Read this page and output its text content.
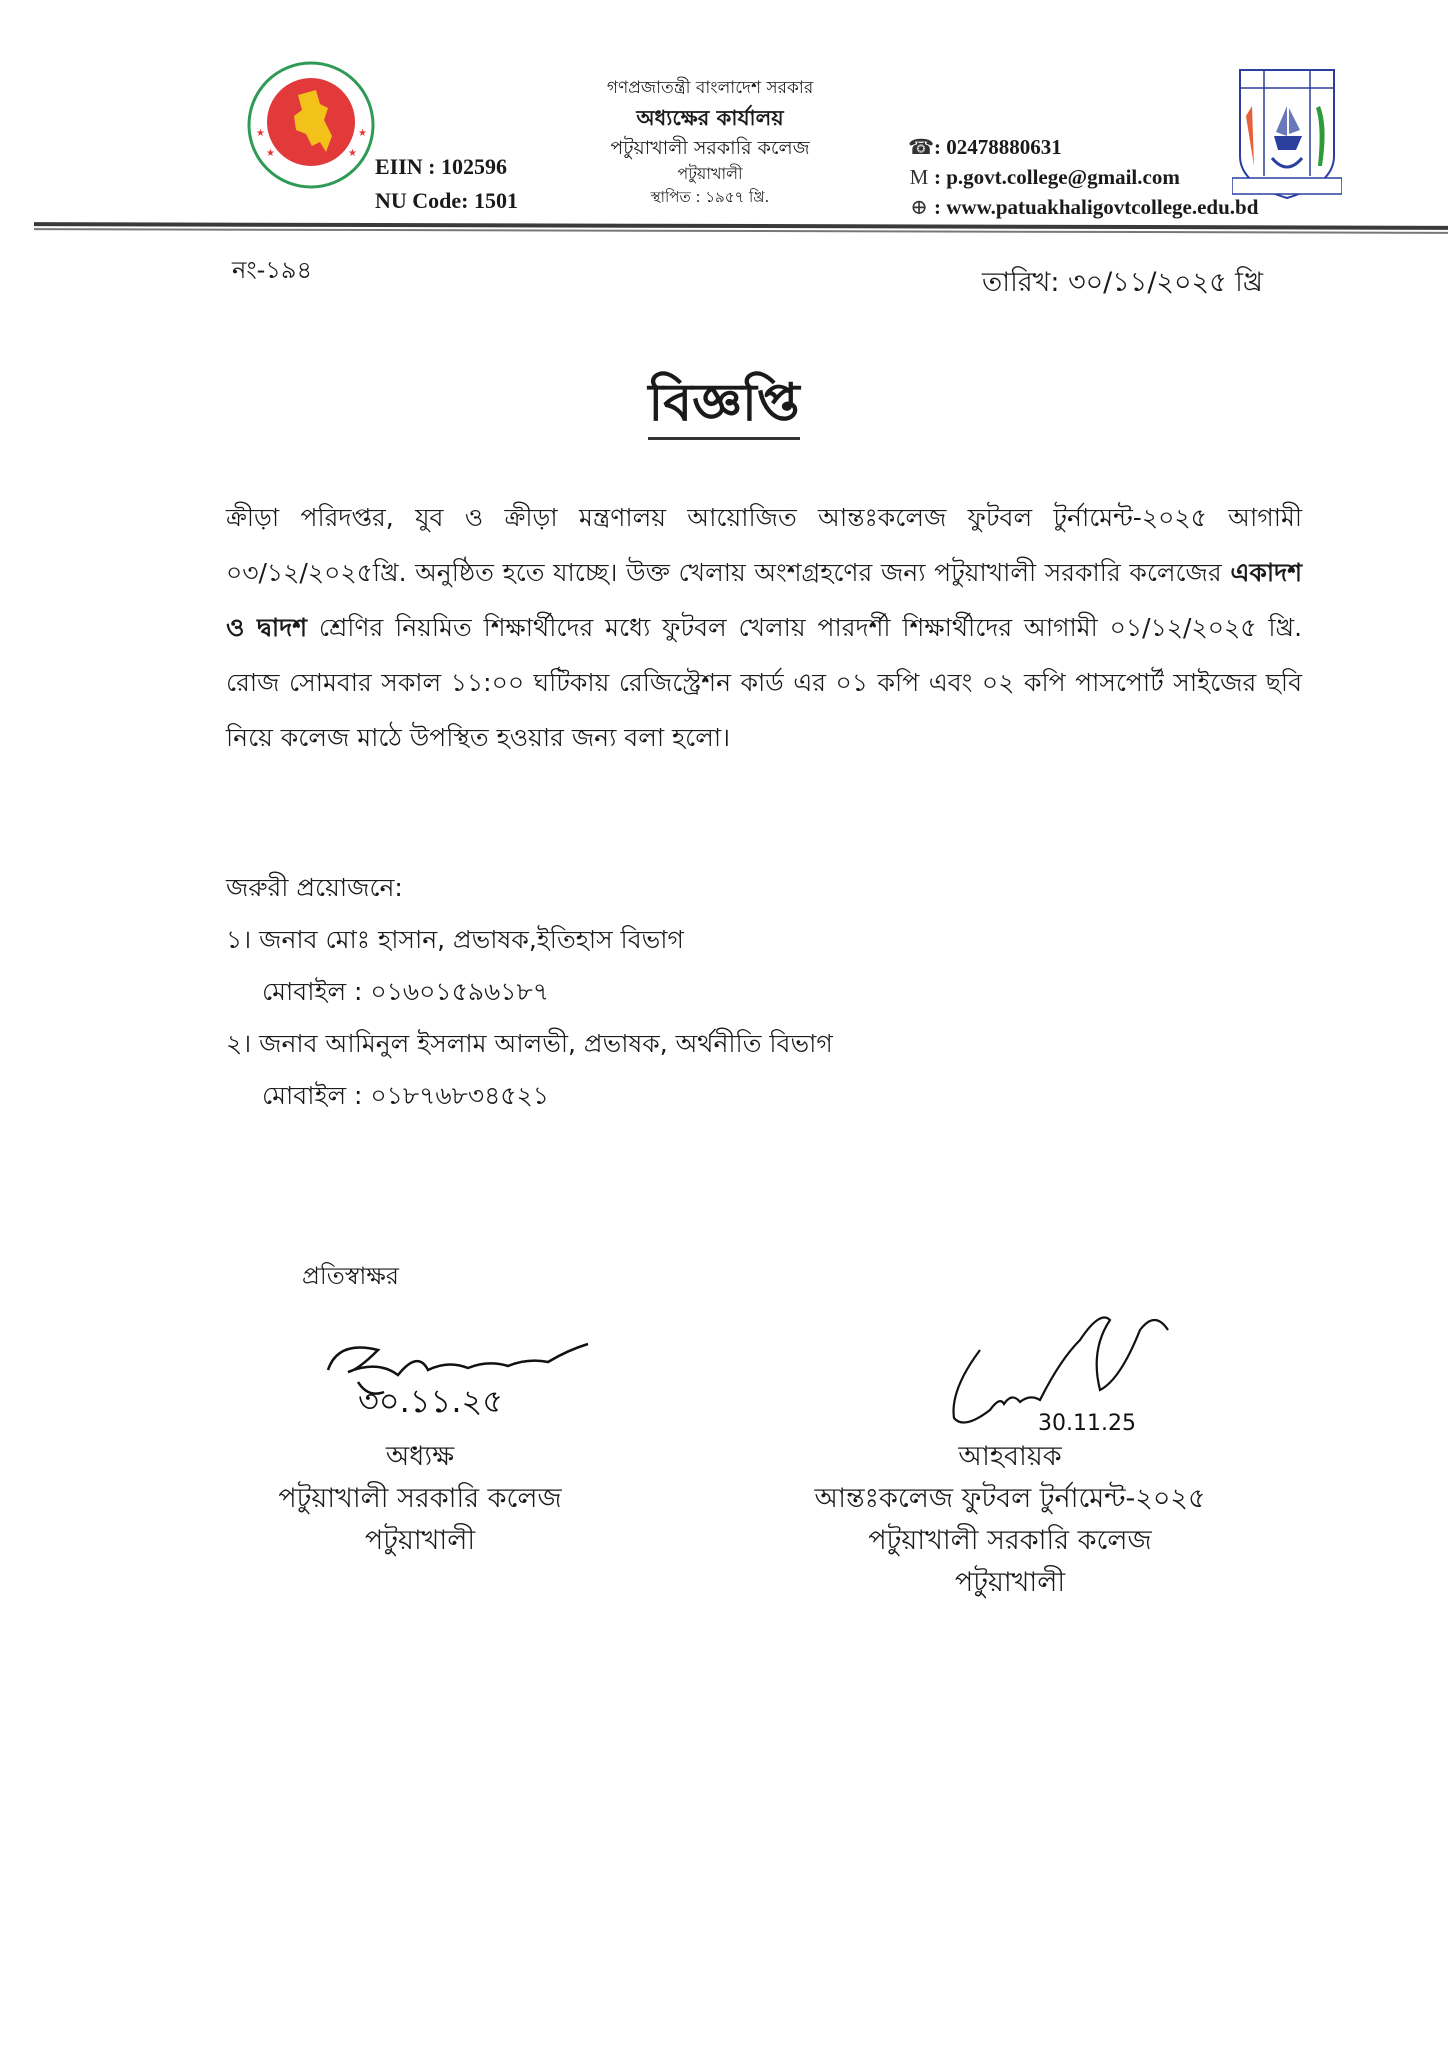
★	★
★	★
EIIN : 102596
NU Code: 1501
গণপ্রজাতন্ত্রী বাংলাদেশ সরকার
অধ্যক্ষের কার্যালয়
পটুয়াখালী সরকারি কলেজ
পটুয়াখালী
স্থাপিত : ১৯৫৭ খ্রি.
☎ : 02478880631
M : p.govt.college@gmail.com
⊕ : www.patuakhaligovtcollege.edu.bd
নং-১৯৪	তারিখ: ৩০/১১/২০২৫ খ্রি
বিজ্ঞপ্তি
ক্রীড়া পরিদপ্তর, যুব ও ক্রীড়া মন্ত্রণালয় আয়োজিত আন্তঃকলেজ ফুটবল টুর্নামেন্ট-২০২৫ আগামী ০৩/১২/২০২৫খ্রি. অনুষ্ঠিত হতে যাচ্ছে। উক্ত খেলায় অংশগ্রহণের জন্য পটুয়াখালী সরকারি কলেজের একাদশ ও দ্বাদশ শ্রেণির নিয়মিত শিক্ষার্থীদের মধ্যে ফুটবল খেলায় পারদর্শী শিক্ষার্থীদের আগামী ০১/১২/২০২৫ খ্রি. রোজ সোমবার সকাল ১১:০০ ঘটিকায় রেজিস্ট্রেশন কার্ড এর ০১ কপি এবং ০২ কপি পাসপোর্ট সাইজের ছবি নিয়ে কলেজ মাঠে উপস্থিত হওয়ার জন্য বলা হলো।
জরুরী প্রয়োজনে:
১। জনাব মোঃ হাসান, প্রভাষক,ইতিহাস বিভাগ
মোবাইল : ০১৬০১৫৯৬১৮৭
২। জনাব আমিনুল ইসলাম আলভী, প্রভাষক, অর্থনীতি বিভাগ
মোবাইল : ০১৮৭৬৮৩৪৫২১
প্রতিস্বাক্ষর
৩০.১১.২৫
অধ্যক্ষ
পটুয়াখালী সরকারি কলেজ
পটুয়াখালী
30.11.25
আহবায়ক
আন্তঃকলেজ ফুটবল টুর্নামেন্ট-২০২৫
পটুয়াখালী সরকারি কলেজ
পটুয়াখালী
